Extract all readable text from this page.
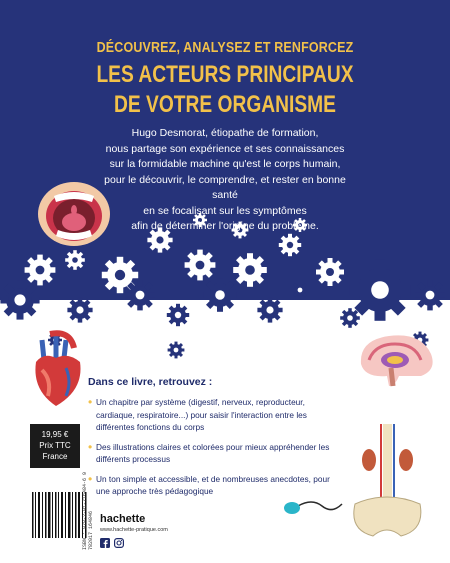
DÉCOUVREZ, ANALYSEZ ET RENFORCEZ
LES ACTEURS PRINCIPAUX
DE VOTRE ORGANISME
Hugo Desmorat, étiopathe de formation,
nous partage son expérience et ses connaissances
sur la formidable machine qu'est le corps humain,
pour le découvrir, le comprendre, et rester en bonne santé
en se focalisant sur les symptômes
afin de déterminer l'origine du problème.
Dans ce livre, retrouvez :
• Un chapitre par système (digestif, nerveux, reproducteur, cardiaque, respiratoire...) pour saisir l'interaction entre les différentes fonctions du corps
• Des illustrations claires et colorées pour mieux appréhender les différents processus
• Un ton simple et accessible, et de nombreuses anecdotes, pour une approche très pédagogique
19,95 €
Prix TTC
France
ISBN : 978-2-01-716484-6 9 782017 164846 hachette
www.hachette-pratique.com
